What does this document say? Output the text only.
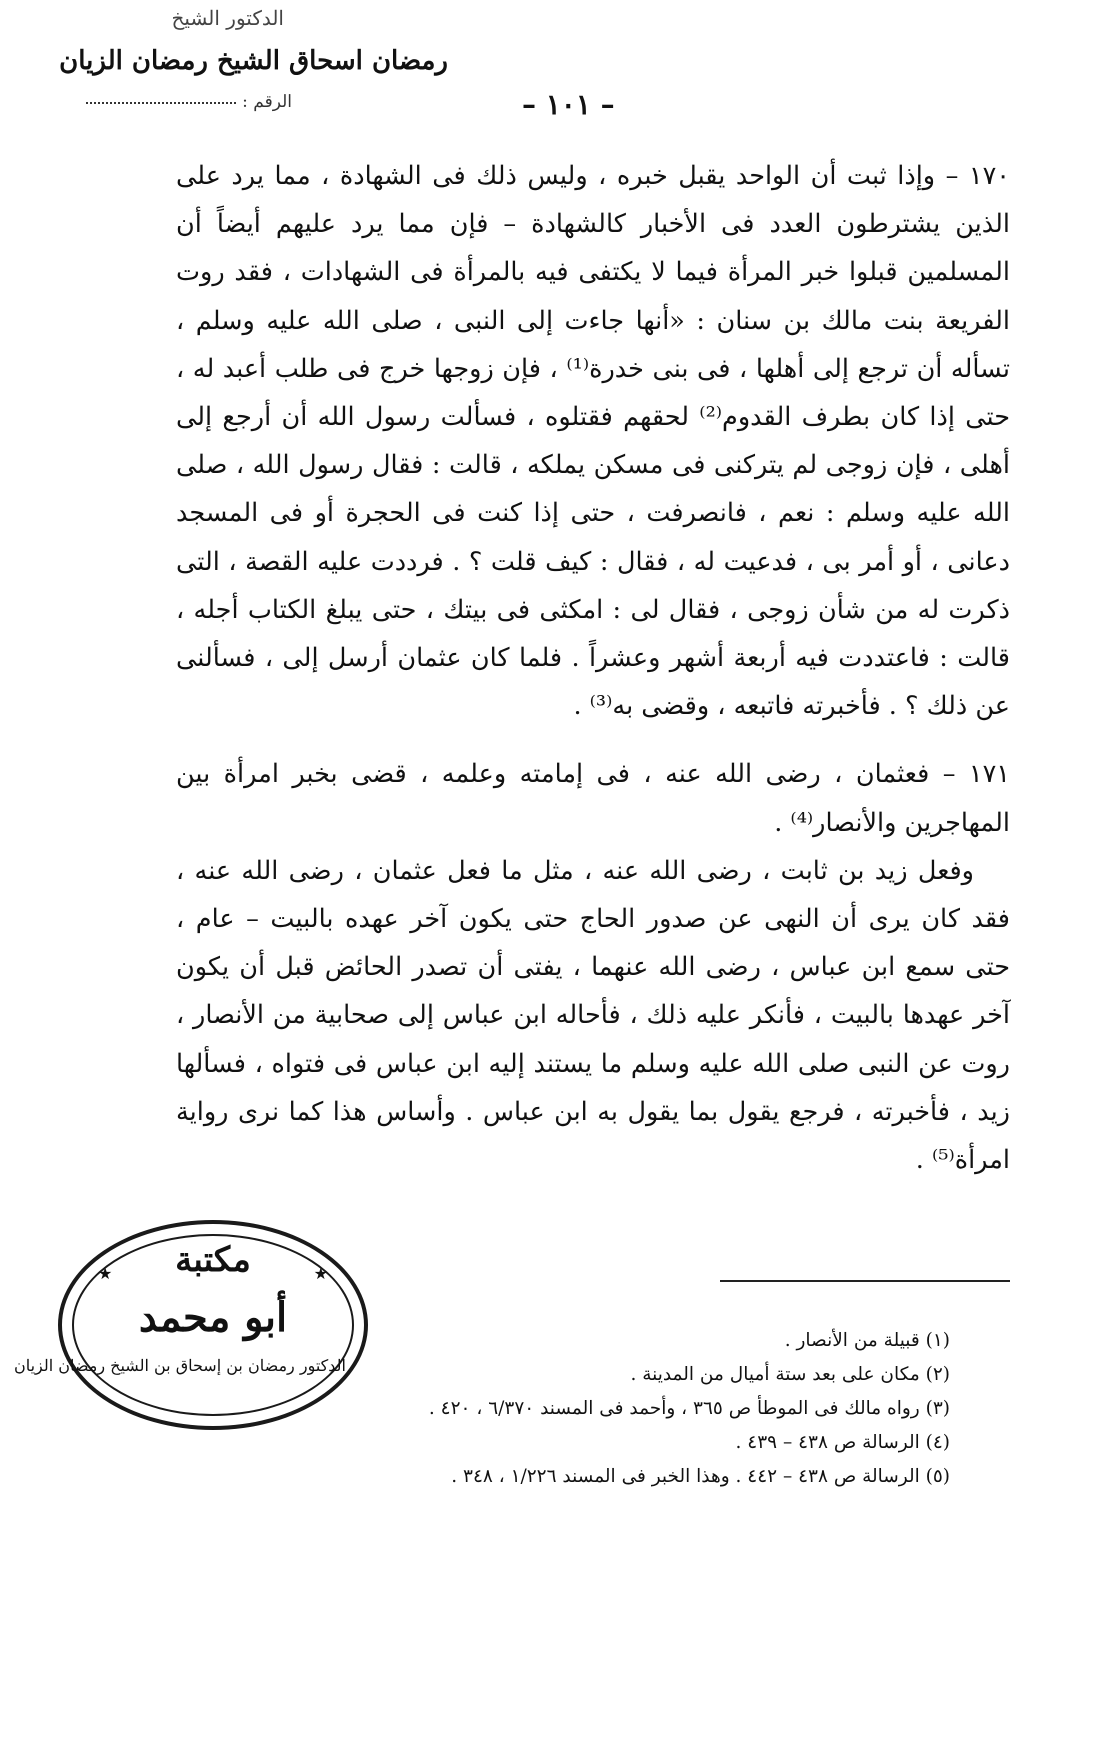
الدكتور الشيخ
رمضان اسحاق الشيخ رمضان الزيان
الرقم :	– ١٠١ –

١٧٠ – وإذا ثبت أن الواحد يقبل خبره ، وليس ذلك فى الشهادة ، مما يرد على الذين يشترطون العدد فى الأخبار كالشهادة – فإن مما يرد عليهم أيضاً أن المسلمين قبلوا خبر المرأة فيما لا يكتفى فيه بالمرأة فى الشهادات ، فقد روت الفريعة بنت مالك بن سنان : «أنها جاءت إلى النبى ، صلى الله عليه وسلم ، تسأله أن ترجع إلى أهلها ، فى بنى خدرة⁽¹⁾ ، فإن زوجها خرج فى طلب أعبد له ، حتى إذا كان بطرف القدوم⁽²⁾ لحقهم فقتلوه ، فسألت رسول الله أن أرجع إلى أهلى ، فإن زوجى لم يتركنى فى مسكن يملكه ، قالت : فقال رسول الله ، صلى الله عليه وسلم : نعم ، فانصرفت ، حتى إذا كنت فى الحجرة أو فى المسجد دعانى ، أو أمر بى ، فدعيت له ، فقال : كيف قلت ؟ . فرددت عليه القصة ، التى ذكرت له من شأن زوجى ، فقال لى : امكثى فى بيتك ، حتى يبلغ الكتاب أجله ، قالت : فاعتددت فيه أربعة أشهر وعشراً . فلما كان عثمان أرسل إلى ، فسألنى عن ذلك ؟ . فأخبرته فاتبعه ، وقضى به⁽³⁾ .

١٧١ – فعثمان ، رضى الله عنه ، فى إمامته وعلمه ، قضى بخبر امرأة بين المهاجرين والأنصار⁽⁴⁾ .

وفعل زيد بن ثابت ، رضى الله عنه ، مثل ما فعل عثمان ، رضى الله عنه ، فقد كان يرى أن النهى عن صدور الحاج حتى يكون آخر عهده بالبيت – عام ، حتى سمع ابن عباس ، رضى الله عنهما ، يفتى أن تصدر الحائض قبل أن يكون آخر عهدها بالبيت ، فأنكر عليه ذلك ، فأحاله ابن عباس إلى صحابية من الأنصار ، روت عن النبى صلى الله عليه وسلم ما يستند إليه ابن عباس فى فتواه ، فسألها زيد ، فأخبرته ، فرجع يقول بما يقول به ابن عباس . وأساس هذا كما نرى رواية امرأة⁽⁵⁾ .

(١) قبيلة من الأنصار .
(٢) مكان على بعد ستة أميال من المدينة .
(٣) رواه مالك فى الموطأ ص ٣٦٥ ، وأحمد فى المسند ٦/٣٧٠ ، ٤٢٠ .
(٤) الرسالة ص ٤٣٨ – ٤٣٩ .
(٥) الرسالة ص ٤٣٨ – ٤٤٢ . وهذا الخبر فى المسند ١/٢٢٦ ، ٣٤٨ .
★	★
مكتبة
أبو محمد
الدكتور رمضان بن إسحاق بن الشيخ رمضان الزيان
